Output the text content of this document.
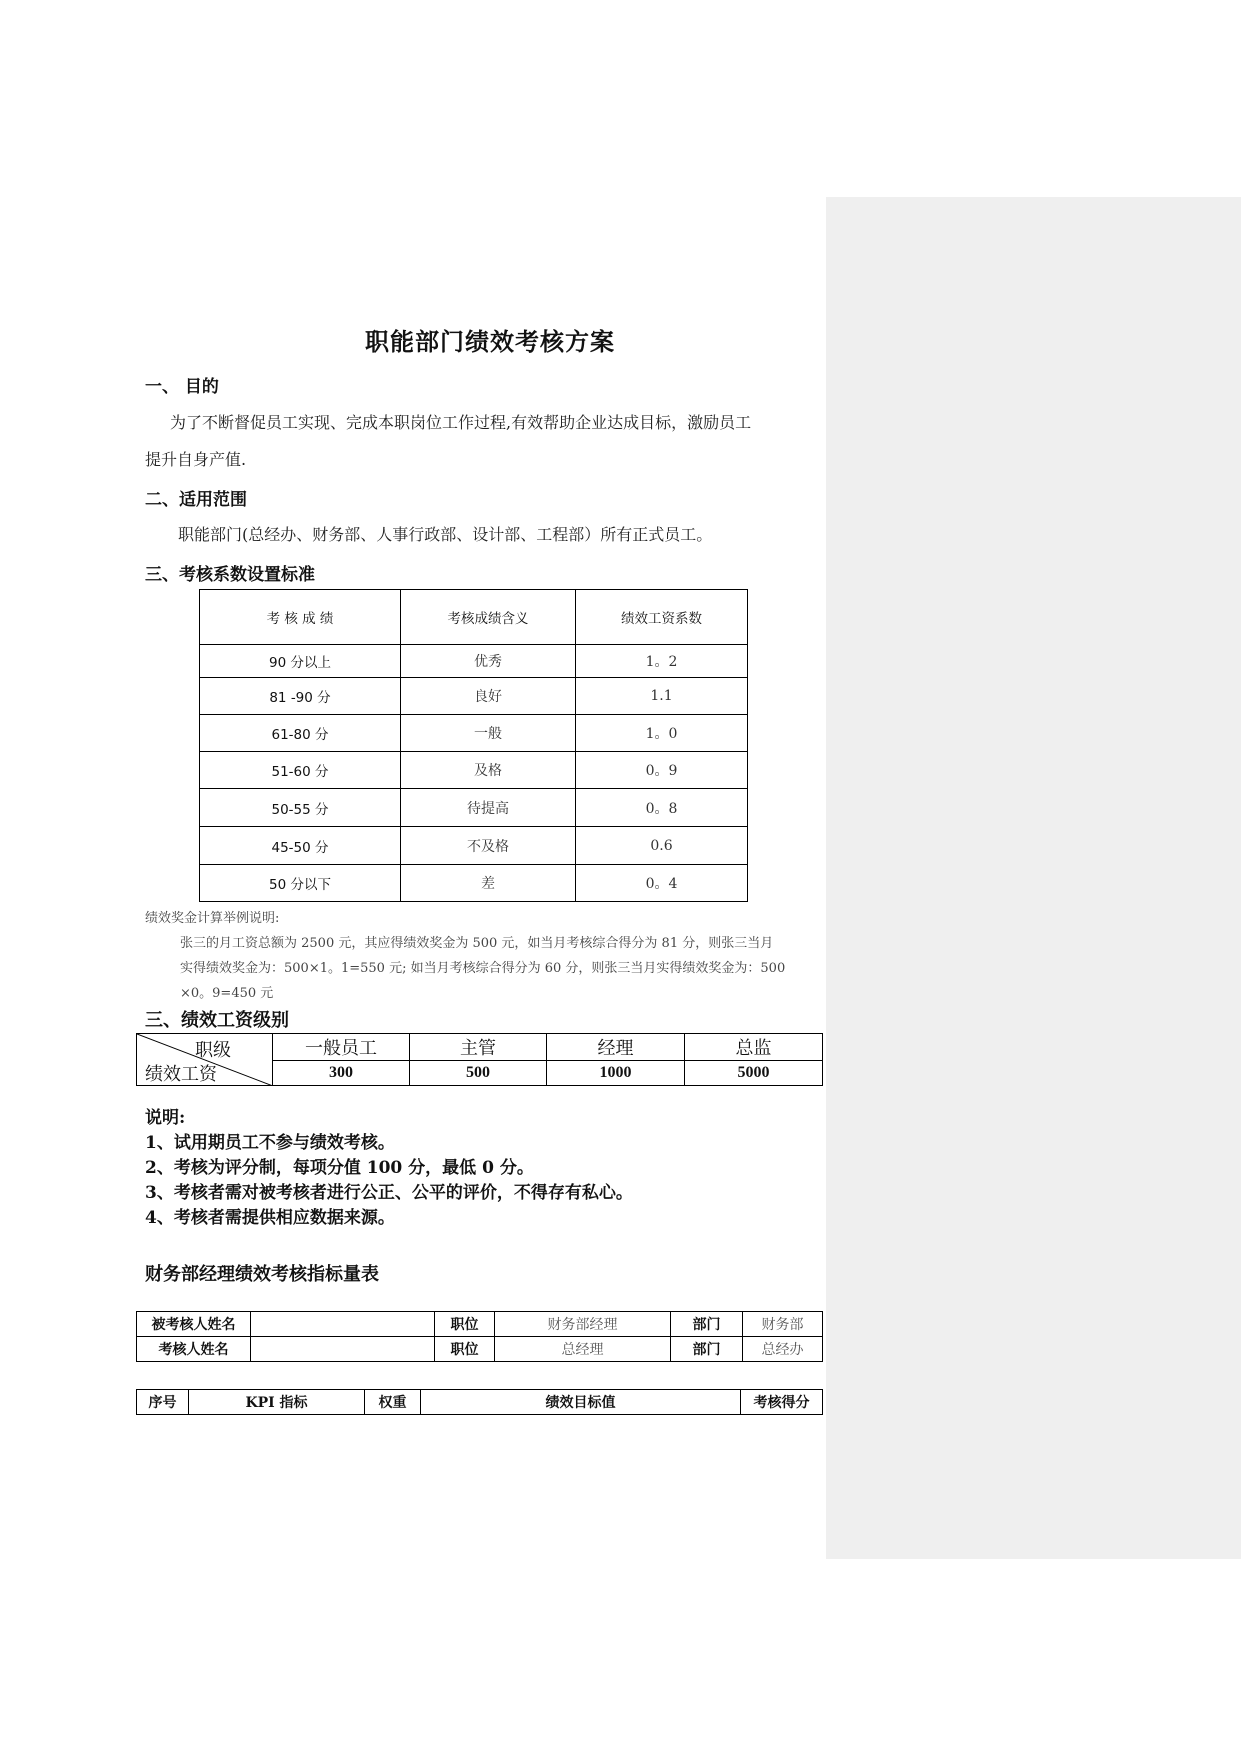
职能部门绩效考核方案
一、 目的
为了不断督促员工实现、完成本职岗位工作过程,有效帮助企业达成目标，激励员工
提升自身产值.
二、适用范围
职能部门(总经办、财务部、人事行政部、设计部、工程部）所有正式员工。
三、考核系数设置标准
考 核 成 绩	考核成绩含义	绩效工资系数
90 分以上	优秀	1。2
81 -90 分	良好	1.1
61-80 分	一般	1。0
51-60 分	及格	0。9
50-55 分	待提高	0。8
45-50 分	不及格	0.6
50 分以下	差	0。4
绩效奖金计算举例说明:
张三的月工资总额为 2500 元，其应得绩效奖金为 500 元，如当月考核综合得分为 81 分，则张三当月
实得绩效奖金为：500×1。1=550 元; 如当月考核综合得分为 60 分，则张三当月实得绩效奖金为：500
×0。9=450 元
三、绩效工资级别
职级
绩效工资	一般员工	主管	经理	总监
	300	500	1000	5000
说明:
1、试用期员工不参与绩效考核。
2、考核为评分制，每项分值 100 分，最低 0 分。
3、考核者需对被考核者进行公正、公平的评价，不得存有私心。
4、考核者需提供相应数据来源。
财务部经理绩效考核指标量表
被考核人姓名		职位	财务部经理	部门	财务部
考核人姓名		职位	总经理	部门	总经办
序号	KPI 指标	权重	绩效目标值	考核得分
